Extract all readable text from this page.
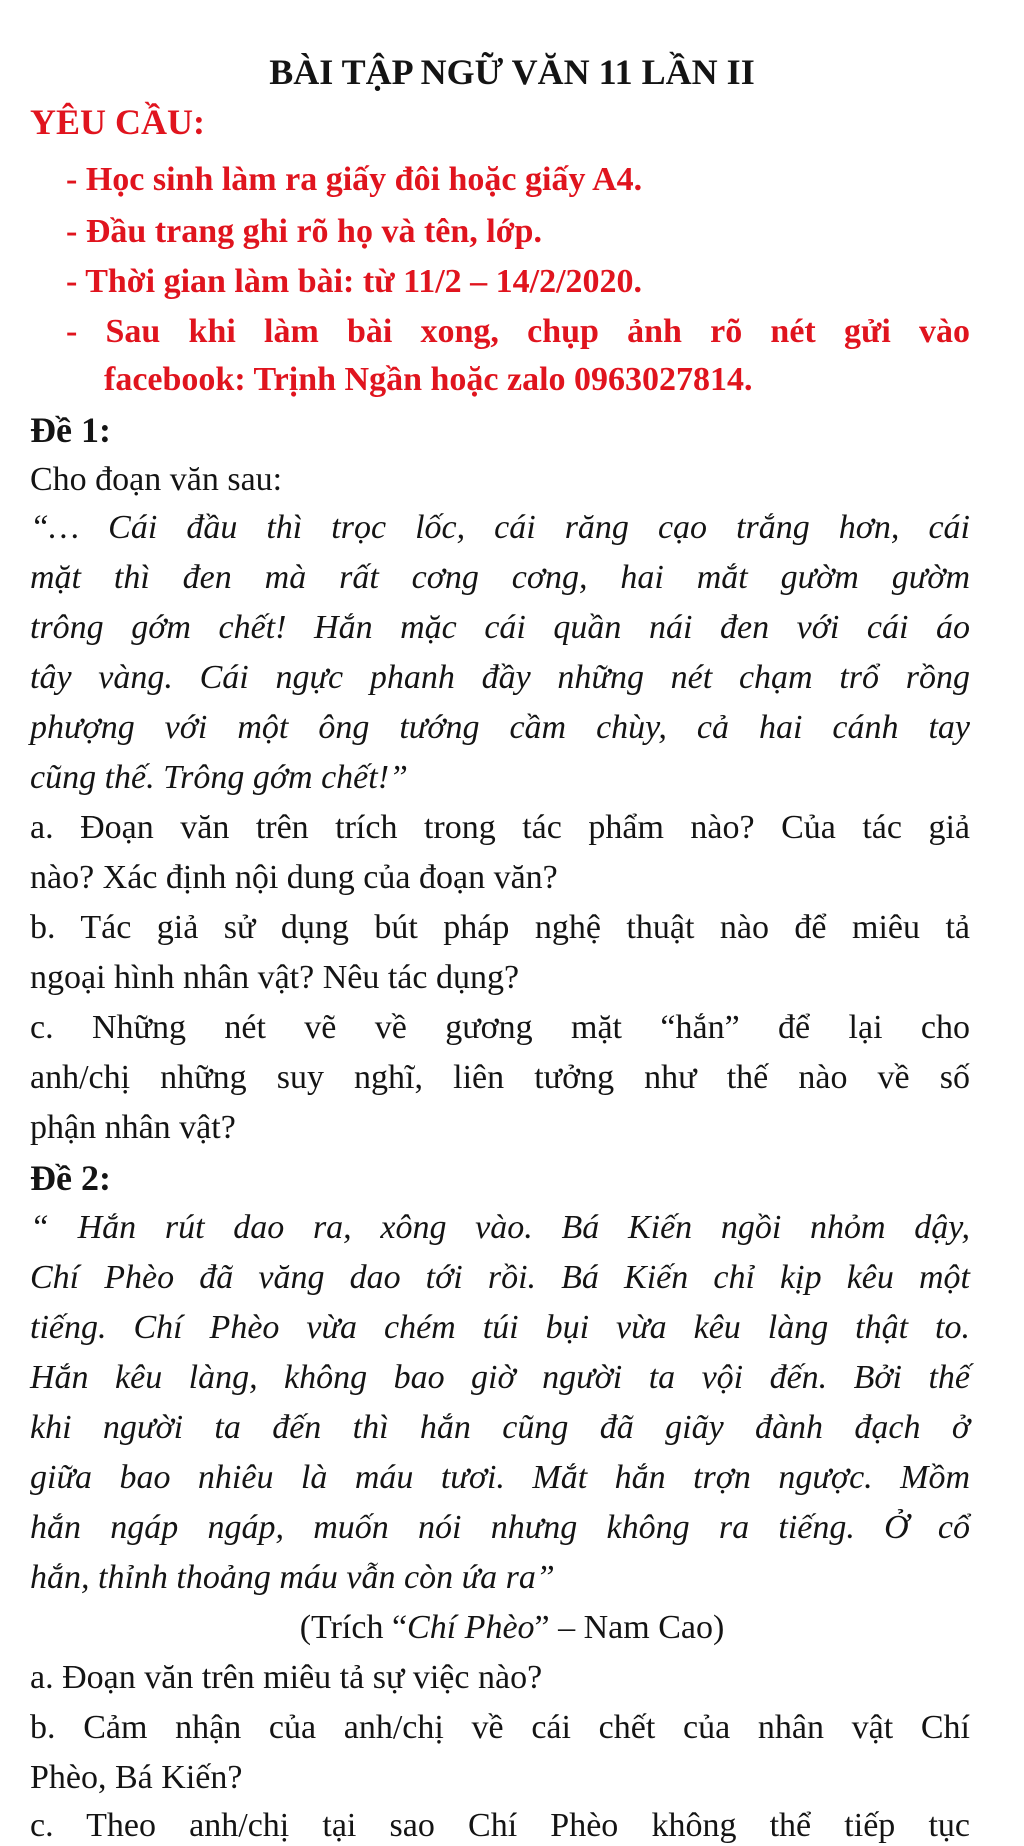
BÀI TẬP NGỮ VĂN 11 LẦN II
YÊU CẦU:
- Học sinh làm ra giấy đôi hoặc giấy A4.
- Đầu trang ghi rõ họ và tên, lớp.
- Thời gian làm bài: từ 11/2 – 14/2/2020.
- Sau khi làm bài xong, chụp ảnh rõ nét gửi vào
facebook: Trịnh Ngần hoặc zalo 0963027814.
Đề 1:
Cho đoạn văn sau:
“… Cái đầu thì trọc lốc, cái răng cạo trắng hơn, cái
mặt thì đen mà rất cơng cơng, hai mắt gườm gườm
trông gớm chết! Hắn mặc cái quần nái đen với cái áo
tây vàng. Cái ngực phanh đầy những nét chạm trổ rồng
phượng với một ông tướng cầm chùy, cả hai cánh tay
cũng thế. Trông gớm chết!”
a. Đoạn văn trên trích trong tác phẩm nào? Của tác giả
nào? Xác định nội dung của đoạn văn?
b. Tác giả sử dụng bút pháp nghệ thuật nào để miêu tả
ngoại hình nhân vật? Nêu tác dụng?
c. Những nét vẽ về gương mặt “hắn” để lại cho
anh/chị những suy nghĩ, liên tưởng như thế nào về số
phận nhân vật?
Đề 2:
“ Hắn rút dao ra, xông vào. Bá Kiến ngồi nhỏm dậy,
Chí Phèo đã văng dao tới rồi. Bá Kiến chỉ kịp kêu một
tiếng. Chí Phèo vừa chém túi bụi vừa kêu làng thật to.
Hắn kêu làng, không bao giờ người ta vội đến. Bởi thế
khi người ta đến thì hắn cũng đã giãy đành đạch ở
giữa bao nhiêu là máu tươi. Mắt hắn trợn ngược. Mồm
hắn ngáp ngáp, muốn nói nhưng không ra tiếng. Ở cổ
hắn, thỉnh thoảng máu vẫn còn ứa ra”
(Trích “Chí Phèo” – Nam Cao)
a. Đoạn văn trên miêu tả sự việc nào?
b. Cảm nhận của anh/chị về cái chết của nhân vật Chí
Phèo, Bá Kiến?
c. Theo anh/chị tại sao Chí Phèo không thể tiếp tục
